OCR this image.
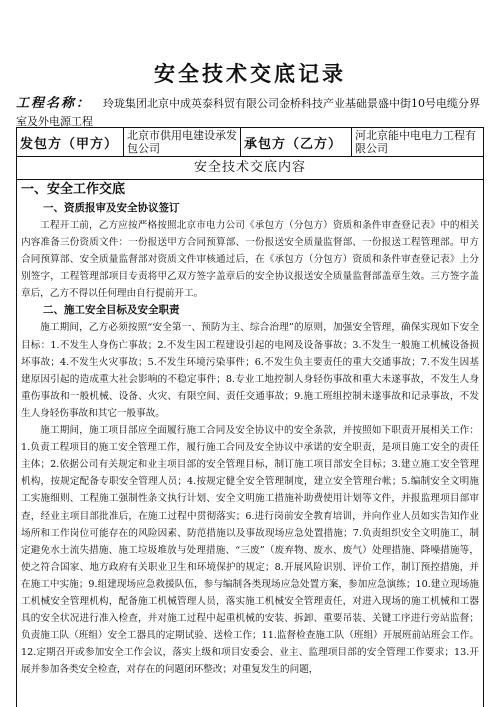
安全技术交底记录
工程名称： 玲珑集团北京中成英泰科贸有限公司金桥科技产业基础景盛中街10号电缆分界室及外电源工程
发包方（甲方）
北京市供用电建设承发包公司	承包方（乙方）
河北京能中电电力工程有限公司
安全技术交底内容
一、安全工作交底
一、资质报审及安全协议签订

工程开工前，乙方应按严格按照北京市电力公司《承包方（分包方）资质和条件审查登记表》中的相关内容准备三份资质文件：一份报送甲方合同预算部、一份报送安全质量监督部、一份报送工程管理部。甲方合同预算部、安全质量监督部对资质文件审核通过后，在《承包方（分包方）资质和条件审查登记表》上分别签字，工程管理部项目专责将甲乙双方签字盖章后的安全协议报送安全质量监督部盖章生效。三方签字盖章后，乙方不得以任何理由自行提前开工。

二、施工安全目标及安全职责

施工期间，乙方必须按照“安全第一、预防为主、综合治理”的原则，加强安全管理，确保实现如下安全目标：1.不发生人身伤亡事故；2.不发生因工程建设引起的电网及设备事故；3.不发生一般施工机械设备损坏事故；4.不发生火灾事故；5.不发生环境污染事件；6.不发生负主要责任的重大交通事故；7.不发生因基建原因引起的造成重大社会影响的不稳定事件；8.专业工地控制人身轻伤事故和重大未遂事故，不发生人身重伤事故和一般机械、设备、火灾、有限空间、责任交通事故；9.施工班组控制未遂事故和记录事故，不发生人身轻伤事故和其它一般事故。

施工期间，施工项目部应全面履行施工合同及安全协议中的安全条款，并按照如下职责开展相关工作：1.负责工程项目的施工安全管理工作，履行施工合同及安全协议中承诺的安全职责，是项目施工安全的责任主体；2.依据公司有关规定和业主项目部的安全管理目标，制订施工项目部安全目标；3.建立施工安全管理机构，按规定配备专职安全管理人员；4.按规定健全安全管理制度，建立安全管理台帐；5.编制安全文明施工实施细则、工程施工强制性条文执行计划、安全文明施工措施补助费使用计划等文件，并报监理项目部审查，经业主项目部批准后，在施工过程中贯彻落实；6.进行岗前安全教育培训，并向作业人员如实告知作业场所和工作岗位可能存在的风险因素、防范措施以及事故现场应急处置措施；7.负责组织安全文明施工，制定避免水土流失措施、施工垃圾堆放与处理措施、“三废”（废弃物、废水、废气）处理措施、降噪措施等，使之符合国家、地方政府有关职业卫生和环境保护的规定；8.开展风险识别、评价工作，制订预控措施，并在施工中实施；9.组建现场应急救援队伍，参与编制各类现场应急处置方案，参加应急演练；10.建立现场施工机械安全管理机构，配备施工机械管理人员，落实施工机械安全管理责任，对进入现场的施工机械和工器具的安全状况进行准入检查，并对施工过程中起重机械的安装、拆卸、重要吊装、关键工序进行旁站监督；负责施工队（班组）安全工器具的定期试验、送检工作；11.监督检查施工队（班组）开展班前站班会工作。12.定期召开或参加安全工作会议，落实上级和项目安委会、业主、监理项目部的安全管理工作要求；13.开展并参加各类安全检查，对存在的问题闭环整改；对重复发生的问题，
